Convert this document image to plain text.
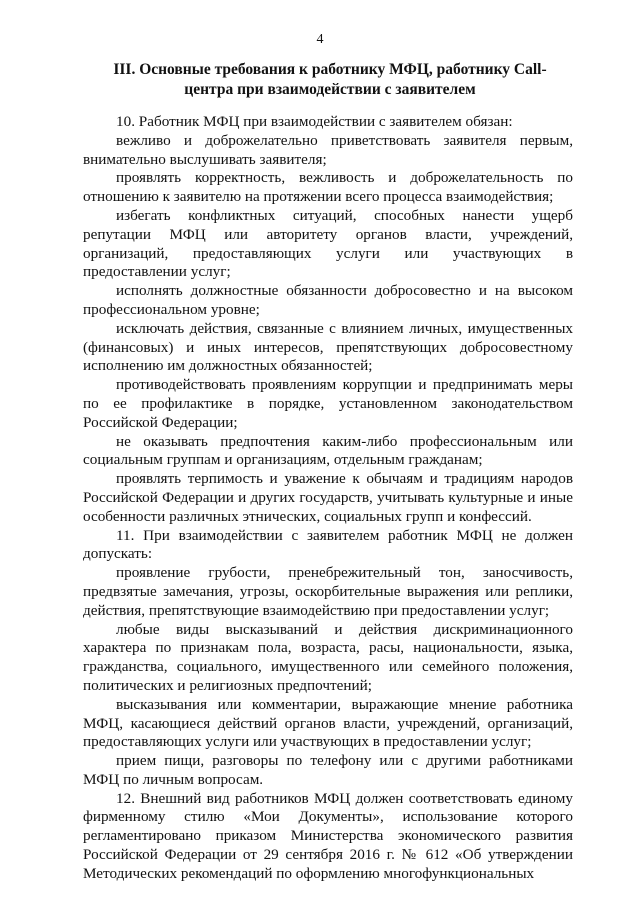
4
III. Основные требования к работнику МФЦ, работнику Call-центра при взаимодействии с заявителем

10. Работник МФЦ при взаимодействии с заявителем обязан:

вежливо и доброжелательно приветствовать заявителя первым, внимательно выслушивать заявителя;

проявлять корректность, вежливость и доброжелательность по отношению к заявителю на протяжении всего процесса взаимодействия;

избегать конфликтных ситуаций, способных нанести ущерб репутации МФЦ или авторитету органов власти, учреждений, организаций, предоставляющих услуги или участвующих в предоставлении услуг;

исполнять должностные обязанности добросовестно и на высоком профессиональном уровне;

исключать действия, связанные с влиянием личных, имущественных (финансовых) и иных интересов, препятствующих добросовестному исполнению им должностных обязанностей;

противодействовать проявлениям коррупции и предпринимать меры по ее профилактике в порядке, установленном законодательством Российской Федерации;

не оказывать предпочтения каким-либо профессиональным или социальным группам и организациям, отдельным гражданам;

проявлять терпимость и уважение к обычаям и традициям народов Российской Федерации и других государств, учитывать культурные и иные особенности различных этнических, социальных групп и конфессий.

11. При взаимодействии с заявителем работник МФЦ не должен допускать:

проявление грубости, пренебрежительный тон, заносчивость, предвзятые замечания, угрозы, оскорбительные выражения или реплики, действия, препятствующие взаимодействию при предоставлении услуг;

любые виды высказываний и действия дискриминационного характера по признакам пола, возраста, расы, национальности, языка, гражданства, социального, имущественного или семейного положения, политических и религиозных предпочтений;

высказывания или комментарии, выражающие мнение работника МФЦ, касающиеся действий органов власти, учреждений, организаций, предоставляющих услуги или участвующих в предоставлении услуг;

прием пищи, разговоры по телефону или с другими работниками МФЦ по личным вопросам.

12. Внешний вид работников МФЦ должен соответствовать единому фирменному стилю «Мои Документы», использование которого регламентировано приказом Министерства экономического развития Российской Федерации от 29 сентября 2016 г. № 612 «Об утверждении Методических рекомендаций по оформлению многофункциональных
